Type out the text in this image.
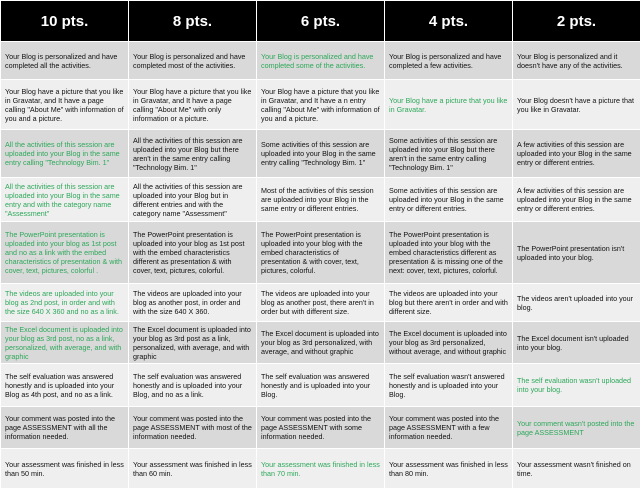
10 pts.	8 pts.	6 pts.	4 pts.	2 pts.
Your Blog is personalized and have completed all the activities.	Your Blog is personalized and have completed most of the activities.	Your Blog is personalized and have completed some of the activities.	Your Blog is personalized and have completed a few activities.	Your Blog is personalized and it doesn't have any of the activities.
Your Blog have a picture that you like in Gravatar, and It have a page calling "About Me" with information of you and a picture.	Your Blog have a picture that you like in Gravatar, and It have a page calling "About Me" with only information or a picture.	Your Blog have a picture that you like in Gravatar, and It have a n entry calling "About Me" with information of you and a picture.	Your Blog have a picture that you like in Gravatar.	Your Blog doesn't have a picture that you like in Gravatar.
All the activities of this session are uploaded into your Blog in the same entry calling "Technology Bim. 1"	All the activities of this session are uploaded into your Blog but there aren't in the same entry calling "Technology Bim. 1"	Some activities of this session are uploaded into your Blog in the same entry calling "Technology Bim. 1"	Some activities of this session are uploaded into your Blog but there aren't in the same entry calling "Technology Bim. 1"	A few activities of this session are uploaded into your Blog in the same entry or different entries.
All the activities of this session are uploaded into your Blog in the same entry and with the category name "Assessment"	All the activities of this session are uploaded into your Blog but in different entries and with the category name "Assessment"	Most of the activities of this session are uploaded into your Blog in the same entry or different entries.	Some activities of this session are uploaded into your Blog in the same entry or different entries.	A few activities of this session are uploaded into your Blog in the same entry or different entries.
The PowerPoint presentation is uploaded into your blog as 1st post and no as a link with the embed characteristics of presentation & with cover, text, pictures, colorful .	The PowerPoint presentation is uploaded into your blog as 1st post with the embed characteristics different as presentation & with cover, text, pictures, colorful.	The PowerPoint presentation is uploaded into your blog with the embed characteristics of presentation & with cover, text, pictures, colorful.	The PowerPoint presentation is uploaded into your blog with the embed characteristics different as presentation & is missing one of the next: cover, text, pictures, colorful.	The PowerPoint presentation isn't uploaded into your blog.
The videos are uploaded into your blog as 2nd post, in order and with the size 640 X 360 and no as a link.	The videos are uploaded into your blog as another post, in order and with the size 640 X 360.	The videos are uploaded into your blog as another post, there aren't in order but with different size.	The videos are uploaded into your blog but there aren't in order and with different size.	The videos aren't uploaded into your blog.
The Excel document is uploaded into your blog as 3rd post, no as a link, personalized, with average, and with graphic	The Excel document is uploaded into your blog as 3rd post as a link, personalized, with average, and with graphic	The Excel document is uploaded into your blog as 3rd personalized, with average, and without graphic	The Excel document is uploaded into your blog as 3rd personalized, without average, and without graphic	The Excel document isn't uploaded into your blog.
The self evaluation was answered honestly and is uploaded into your Blog as 4th post, and no as a link.	The self evaluation was answered honestly and is uploaded into your Blog, and no as a link.	The self evaluation was answered honestly and is uploaded into your Blog.	The self evaluation wasn't answered honestly and is uploaded into your Blog.	The self evaluation wasn't uploaded into your blog.
Your comment was posted into the page ASSESSMENT with all the information needed.	Your comment was posted into the page ASSESSMENT with most of the information needed.	Your comment was posted into the page ASSESSMENT with some information needed.	Your comment was posted into the page ASSESSMENT with a few information needed.	Your comment wasn't posted into the page ASSESSMENT
Your assessment was finished in less than 50 min.	Your assessment was finished in less than 60 min.	Your assessment was finished in less than 70 min.	Your assessment was finished in less than 80 min.	Your assessment wasn't finished on time.
